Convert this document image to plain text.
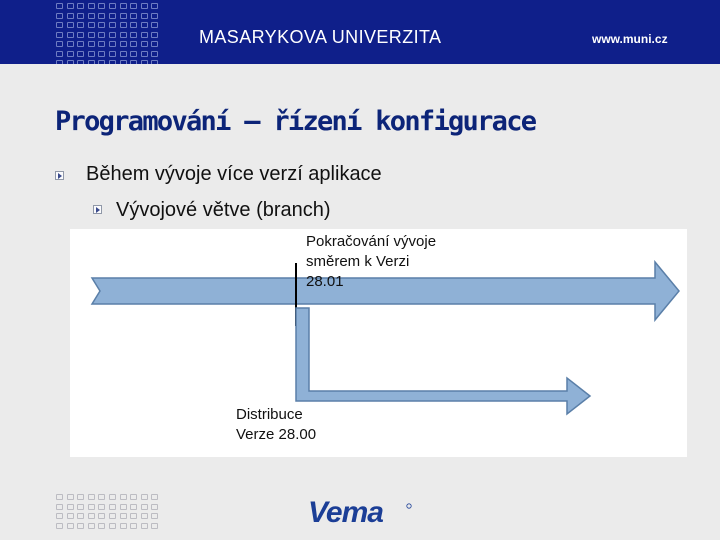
MASARYKOVA UNIVERZITA	www.muni.cz
Programování – řízení konfigurace
Během vývoje více verzí aplikace
Vývojové větve (branch)
Pokračování vývoje
směrem k Verzi
28.01
Distribuce
Verze 28.00
Vema
